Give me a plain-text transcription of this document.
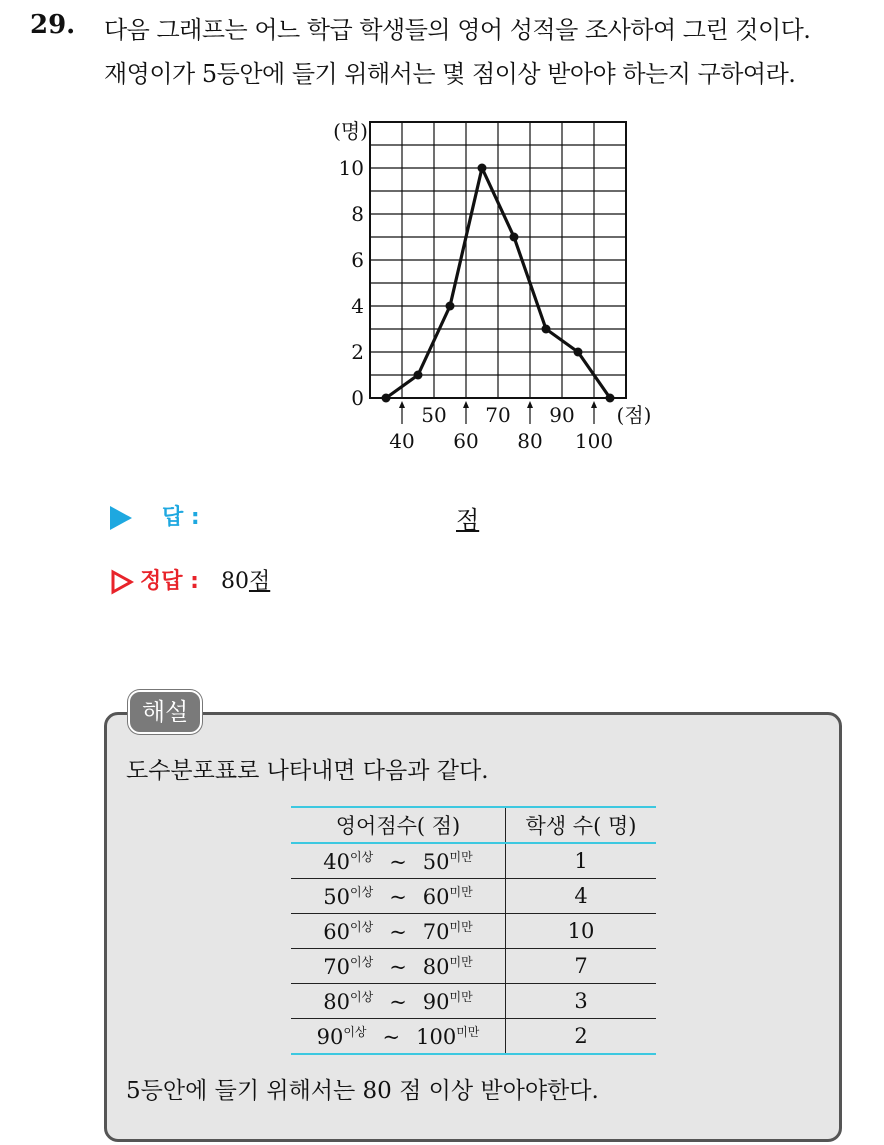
29. 다음 그래프는 어느 학급 학생들의 영어 성적을 조사하여 그린 것이다.
재영이가 5등안에 들기 위해서는 몇 점이상 받아야 하는지 구하여라.
0
2
4
6
8
10
(명)
40 60 80 100
50 70 90 (점)
답 :	점
정답 : 80점
해설
도수분포표로 나타내면 다음과 같다.
영어점수( 점)	학생 수( 명)
$40^{이상}$ ~ $50^{미만}$	1
$50^{이상}$ ~ $60^{미만}$	4
$60^{이상}$ ~ $70^{미만}$	10
$70^{이상}$ ~ $80^{미만}$	7
$80^{이상}$ ~ $90^{미만}$	3
$90^{이상}$ ~ $100^{미만}$	2
5등안에 들기 위해서는 80 점 이상 받아야한다.
